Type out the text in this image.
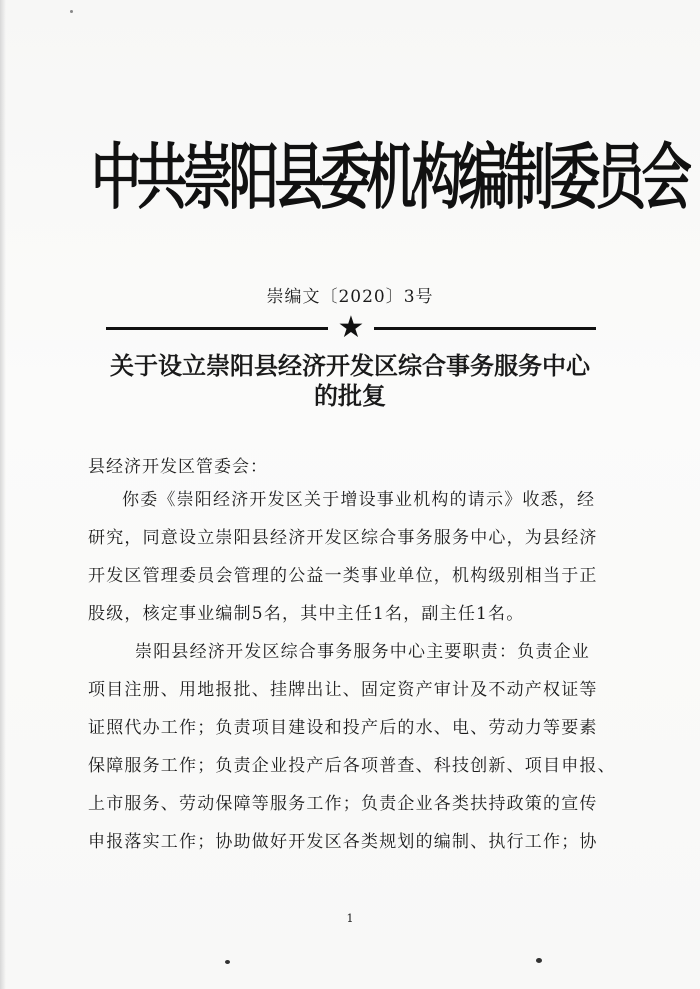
中共崇阳县委机构编制委员会
崇编文〔2020〕3号
★
关于设立崇阳县经济开发区综合事务服务中心
的批复
县经济开发区管委会：
你委《崇阳经济开发区关于增设事业机构的请示》收悉，经
研究，同意设立崇阳县经济开发区综合事务服务中心，为县经济
开发区管理委员会管理的公益一类事业单位，机构级别相当于正
股级，核定事业编制5名，其中主任1名，副主任1名。
崇阳县经济开发区综合事务服务中心主要职责：负责企业
项目注册、用地报批、挂牌出让、固定资产审计及不动产权证等
证照代办工作；负责项目建设和投产后的水、电、劳动力等要素
保障服务工作；负责企业投产后各项普查、科技创新、项目申报、
上市服务、劳动保障等服务工作；负责企业各类扶持政策的宣传
申报落实工作；协助做好开发区各类规划的编制、执行工作；协
1
